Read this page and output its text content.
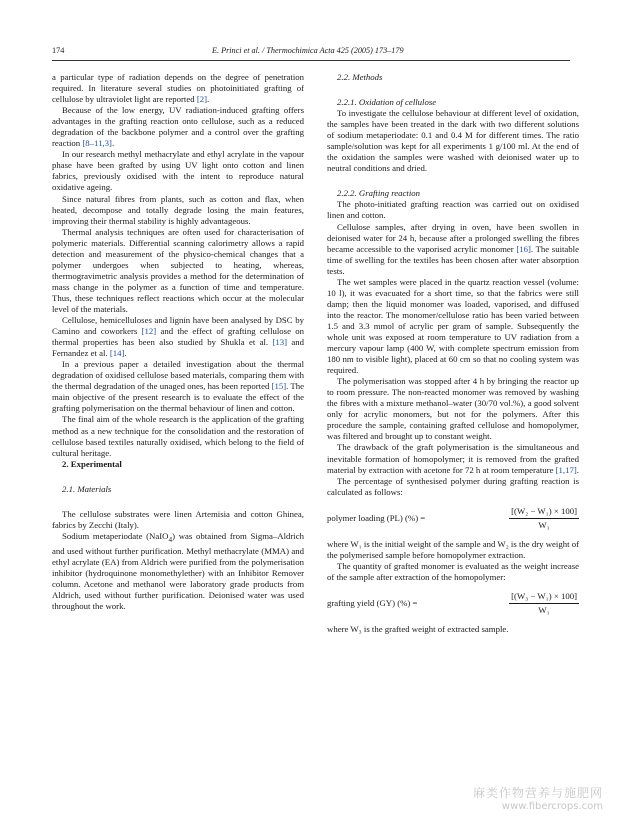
174	E. Princi et al. / Thermochimica Acta 425 (2005) 173–179

a particular type of radiation depends on the degree of penetration required. In literature several studies on photoinitiated grafting of cellulose by ultraviolet light are reported [2].

Because of the low energy, UV radiation-induced grafting offers advantages in the grafting reaction onto cellulose, such as a reduced degradation of the backbone polymer and a control over the grafting reaction [8–11,3].

In our research methyl methacrylate and ethyl acrylate in the vapour phase have been grafted by using UV light onto cotton and linen fabrics, previously oxidised with the intent to reproduce natural oxidative ageing.

Since natural fibres from plants, such as cotton and flax, when heated, decompose and totally degrade losing the main features, improving their thermal stability is highly advantageous.

Thermal analysis techniques are often used for characterisation of polymeric materials. Differential scanning calorimetry allows a rapid detection and measurement of the physico-chemical changes that a polymer undergoes when subjected to heating, whereas, thermogravimetric analysis provides a method for the determination of mass change in the polymer as a function of time and temperature. Thus, these techniques reflect reactions which occur at the molecular level of the materials.

Cellulose, hemicelluloses and lignin have been analysed by DSC by Camino and coworkers [12] and the effect of grafting cellulose on thermal properties has been also studied by Shukla et al. [13] and Fernandez et al. [14].

In a previous paper a detailed investigation about the thermal degradation of oxidised cellulose based materials, comparing them with the thermal degradation of the unaged ones, has been reported [15]. The main objective of the present research is to evaluate the effect of the grafting polymerisation on the thermal behaviour of linen and cotton.

The final aim of the whole research is the application of the grafting method as a new technique for the consolidation and the restoration of cellulose based textiles naturally oxidised, which belong to the field of cultural heritage.

2. Experimental

2.1. Materials

The cellulose substrates were linen Artemisia and cotton Ghinea, fabrics by Zecchi (Italy).

Sodium metaperiodate (NaIO$_4$) was obtained from Sigma–Aldrich and used without further purification. Methyl methacrylate (MMA) and ethyl acrylate (EA) from Aldrich were purified from the polymerisation inhibitor (hydroquinone monomethylether) with an Inhibitor Remover column. Acetone and methanol were laboratory grade products from Aldrich, used without further purification. Deionised water was used throughout the work.

2.2. Methods

2.2.1. Oxidation of cellulose

To investigate the cellulose behaviour at different level of oxidation, the samples have been treated in the dark with two different solutions of sodium metaperiodate: 0.1 and 0.4 M for different times. The ratio sample/solution was kept for all experiments 1 g/100 ml. At the end of the oxidation the samples were washed with deionised water up to neutral conditions and dried.

2.2.2. Grafting reaction

The photo-initiated grafting reaction was carried out on oxidised linen and cotton.

Cellulose samples, after drying in oven, have been swollen in deionised water for 24 h, because after a prolonged swelling the fibres became accessible to the vaporised acrylic monomer [16]. The suitable time of swelling for the textiles has been chosen after water absorption tests.

The wet samples were placed in the quartz reaction vessel (volume: 10 l), it was evacuated for a short time, so that the fabrics were still damp; then the liquid monomer was loaded, vaporised, and diffused into the reactor. The monomer/cellulose ratio has been varied between 1.5 and 3.3 mmol of acrylic per gram of sample. Subsequently the whole unit was exposed at room temperature to UV radiation from a mercury vapour lamp (400 W, with complete spectrum emission from 180 nm to visible light), placed at 60 cm so that no cooling system was required.

The polymerisation was stopped after 4 h by bringing the reactor up to room pressure. The non-reacted monomer was removed by washing the fibres with a mixture methanol–water (30/70 vol.%), a good solvent only for acrylic monomers, but not for the polymers. After this procedure the sample, containing grafted cellulose and homopolymer, was filtered and brought up to constant weight.

The drawback of the graft polymerisation is the simultaneous and inevitable formation of homopolymer; it is removed from the grafted material by extraction with acetone for 72 h at room temperature [1,17].

The percentage of synthesised polymer during grafting reaction is calculated as follows:

polymer loading (PL) (%) =	$\frac{\text{[(W₂ − W₁) × 100]}}{\text{W₁}}$

where W₁ is the initial weight of the sample and W₂ is the dry weight of the polymerised sample before homopolymer extraction.

The quantity of grafted monomer is evaluated as the weight increase of the sample after extraction of the homopolymer:

grafting yield (GY) (%) =	$\frac{\text{[(W₃ − W₁) × 100]}}{\text{W₁}}$

where W₃ is the grafted weight of extracted sample.

麻类作物营养与施肥网
www.fibercrops.com
